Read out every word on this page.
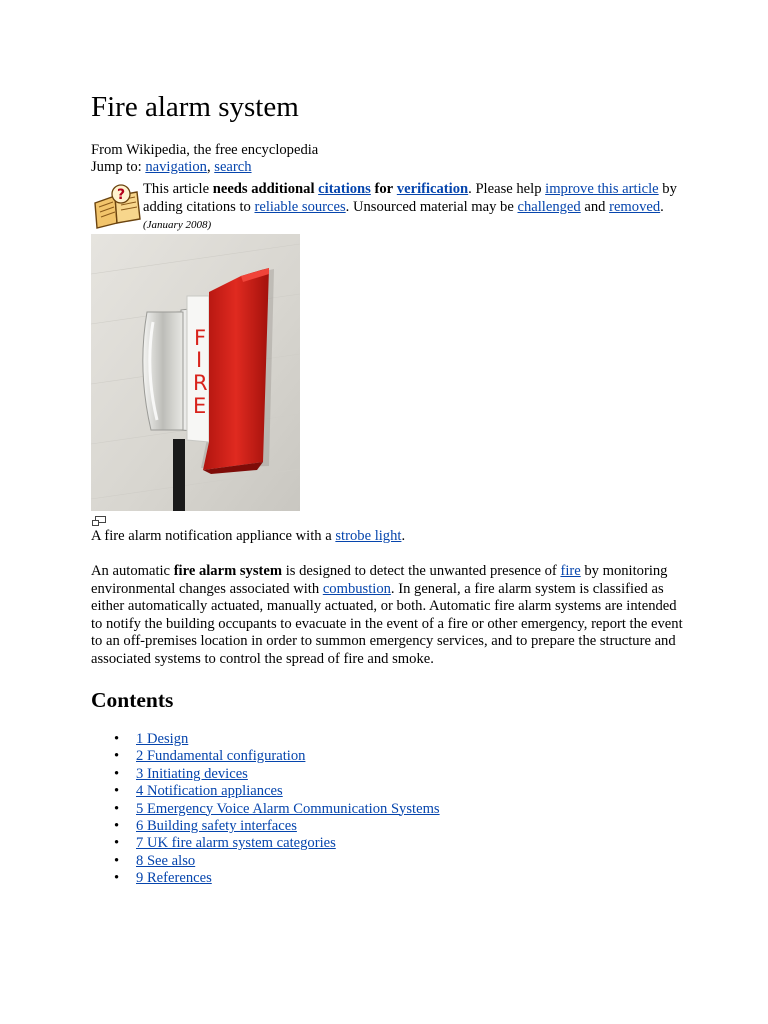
Fire alarm system
From Wikipedia, the free encyclopedia
Jump to: navigation, search
? This article needs additional citations for verification. Please help improve this article by adding citations to reliable sources. Unsourced material may be challenged and removed. (January 2008)
F
I
R
E
A fire alarm notification appliance with a strobe light.
An automatic fire alarm system is designed to detect the unwanted presence of fire by monitoring environmental changes associated with combustion. In general, a fire alarm system is classified as either automatically actuated, manually actuated, or both. Automatic fire alarm systems are intended to notify the building occupants to evacuate in the event of a fire or other emergency, report the event to an off-premises location in order to summon emergency services, and to prepare the structure and associated systems to control the spread of fire and smoke.
Contents
• 1 Design
• 2 Fundamental configuration
• 3 Initiating devices
• 4 Notification appliances
• 5 Emergency Voice Alarm Communication Systems
• 6 Building safety interfaces
• 7 UK fire alarm system categories
• 8 See also
• 9 References
